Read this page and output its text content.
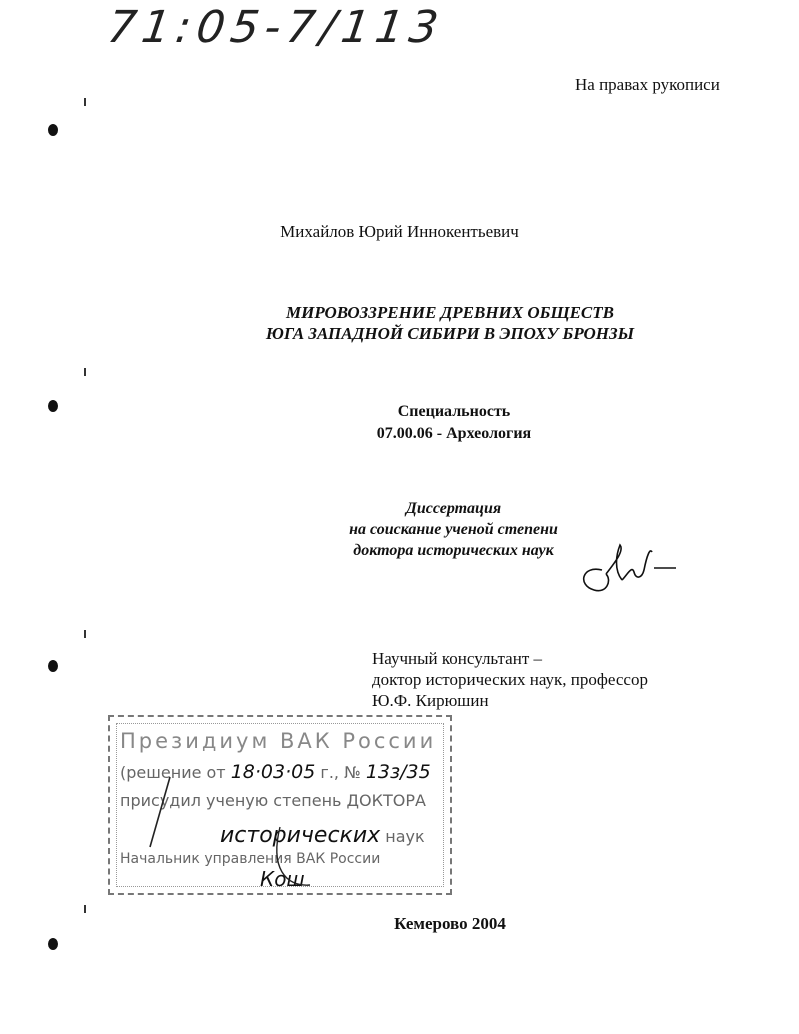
71:05-7/113
На правах рукописи
Михайлов Юрий Иннокентьевич
МИРОВОЗЗРЕНИЕ ДРЕВНИХ ОБЩЕСТВ
ЮГА ЗАПАДНОЙ СИБИРИ В ЭПОХУ БРОНЗЫ
Специальность
07.00.06 - Археология
Диссертация
на соискание ученой степени
доктора исторических наук
Научный консультант –
доктор исторических наук, профессор
Ю.Ф. Кирюшин
Президиум ВАК России
(решение от 18·03·05 г., № 13з/35
присудил ученую степень ДОКТОРА
исторических наук
Начальник управления ВАК России
Кош
Кемерово 2004
